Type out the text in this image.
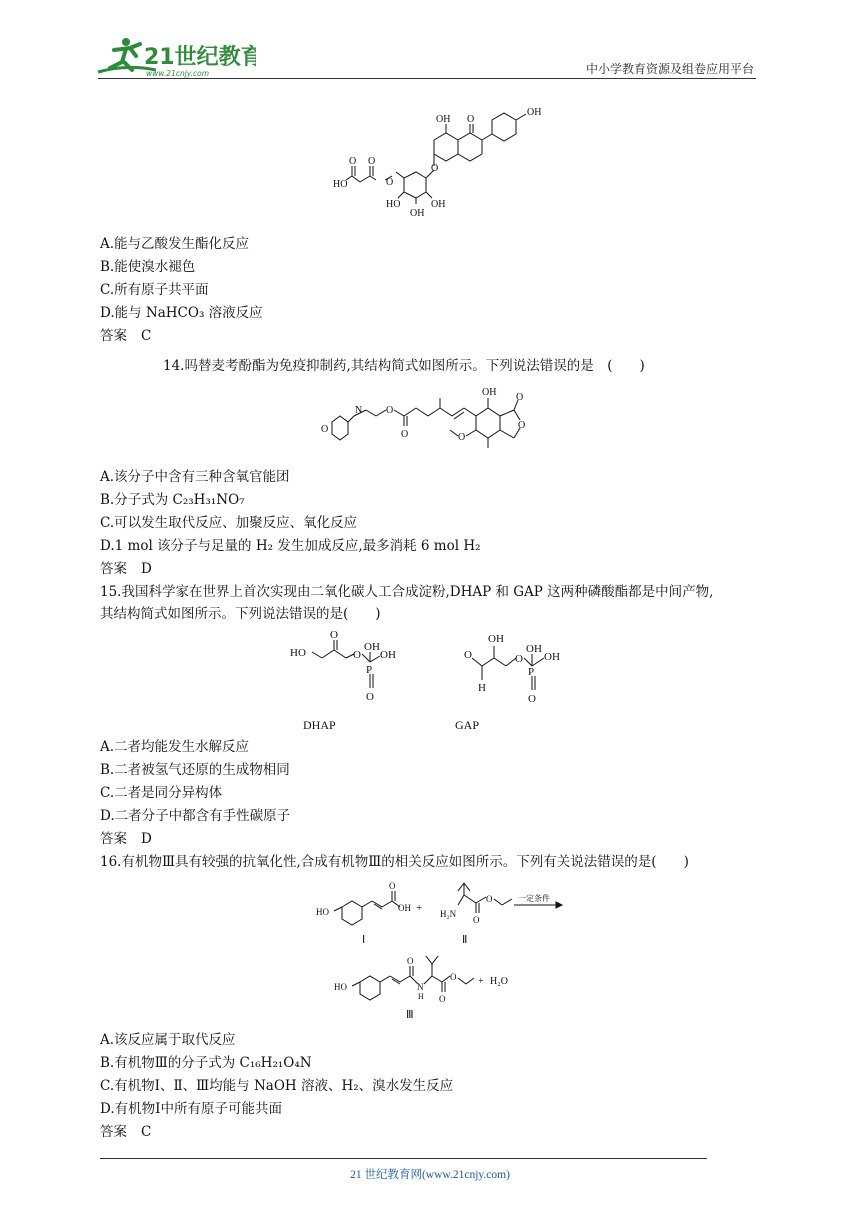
21世纪教育
www.21cnjy.com	中小学教育资源及组卷应用平台
OH O
OH
HO
O O
O
O
OH
HO
OH
A.能与乙酸发生酯化反应
B.能使溴水褪色
C.所有原子共平面
D.能与 NaHCO₃ 溶液反应
答案 C
14.吗替麦考酚酯为免疫抑制药,其结构简式如图所示。下列说法错误的是　(　　)
N
O
O
O
OH O
O
O
A.该分子中含有三种含氧官能团
B.分子式为 C₂₃H₃₁NO₇
C.可以发生取代反应、加聚反应、氧化反应
D.1 mol 该分子与足量的 H₂ 发生加成反应,最多消耗 6 mol H₂
答案 D
15.我国科学家在世界上首次实现由二氧化碳人工合成淀粉,DHAP 和 GAP 这两种磷酸酯都是中间产物,
其结构简式如图所示。下列说法错误的是(　　)
HO
O
O
OH
OH
P
O
O
OH
H
O
OH
OH
P
O
DHAP	GAP
A.二者均能发生水解反应
B.二者被氢气还原的生成物相同
C.二者是同分异构体
D.二者分子中都含有手性碳原子
答案 D
16.有机物Ⅲ具有较强的抗氧化性,合成有机物Ⅲ的相关反应如图所示。下列有关说法错误的是(　　)
HO
O
OH + H₂N
O
O	一定条件
Ⅰ	Ⅱ
HO
O
N
H O
O + H₂O
Ⅲ
A.该反应属于取代反应
B.有机物Ⅲ的分子式为 C₁₆H₂₁O₄N
C.有机物Ⅰ、Ⅱ、Ⅲ均能与 NaOH 溶液、H₂、溴水发生反应
D.有机物Ⅰ中所有原子可能共面
答案 C
21 世纪教育网(www.21cnjy.com)
